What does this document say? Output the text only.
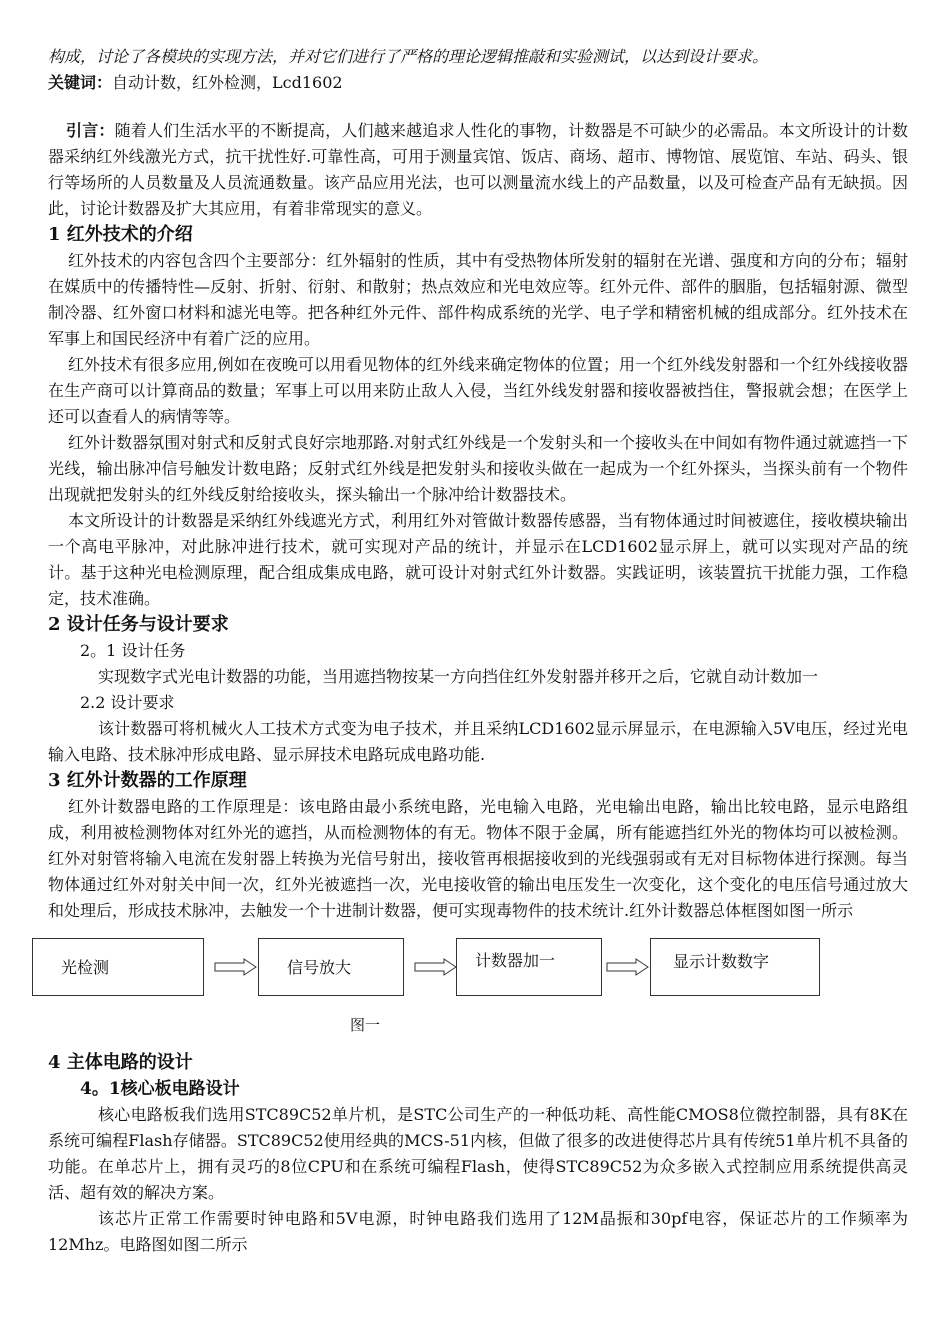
构成，讨论了各模块的实现方法，并对它们进行了严格的理论逻辑推敲和实验测试，以达到设计要求。

关键词：自动计数，红外检测，Lcd1602

引言：随着人们生活水平的不断提高，人们越来越追求人性化的事物，计数器是不可缺少的必需品。本文所设计的计数器采纳红外线激光方式，抗干扰性好.可靠性高，可用于测量宾馆、饭店、商场、超市、博物馆、展览馆、车站、码头、银行等场所的人员数量及人员流通数量。该产品应用光法，也可以测量流水线上的产品数量，以及可检查产品有无缺损。因此，讨论计数器及扩大其应用，有着非常现实的意义。

1 红外技术的介绍

红外技术的内容包含四个主要部分：红外辐射的性质，其中有受热物体所发射的辐射在光谱、强度和方向的分布；辐射在媒质中的传播特性—反射、折射、衍射、和散射；热点效应和光电效应等。红外元件、部件的胭脂，包括辐射源、微型制冷器、红外窗口材料和滤光电等。把各种红外元件、部件构成系统的光学、电子学和精密机械的组成部分。红外技术在军事上和国民经济中有着广泛的应用。

红外技术有很多应用,例如在夜晚可以用看见物体的红外线来确定物体的位置；用一个红外线发射器和一个红外线接收器在生产商可以计算商品的数量；军事上可以用来防止敌人入侵，当红外线发射器和接收器被挡住，警报就会想；在医学上还可以查看人的病情等等。

红外计数器氛围对射式和反射式良好宗地那路.对射式红外线是一个发射头和一个接收头在中间如有物件通过就遮挡一下光线，输出脉冲信号触发计数电路；反射式红外线是把发射头和接收头做在一起成为一个红外探头，当探头前有一个物件出现就把发射头的红外线反射给接收头，探头输出一个脉冲给计数器技术。

本文所设计的计数器是采纳红外线遮光方式，利用红外对管做计数器传感器，当有物体通过时间被遮住，接收模块输出一个高电平脉冲，对此脉冲进行技术，就可实现对产品的统计，并显示在LCD1602显示屏上，就可以实现对产品的统计。基于这种光电检测原理，配合组成集成电路，就可设计对射式红外计数器。实践证明，该装置抗干扰能力强，工作稳定，技术准确。

2 设计任务与设计要求
2。1 设计任务

实现数字式光电计数器的功能，当用遮挡物按某一方向挡住红外发射器并移开之后，它就自动计数加一

2.2 设计要求

该计数器可将机械火人工技术方式变为电子技术，并且采纳LCD1602显示屏显示，在电源输入5V电压，经过光电输入电路、技术脉冲形成电路、显示屏技术电路玩成电路功能.

3 红外计数器的工作原理

红外计数器电路的工作原理是：该电路由最小系统电路，光电输入电路，光电输出电路，输出比较电路，显示电路组成，利用被检测物体对红外光的遮挡，从而检测物体的有无。物体不限于金属，所有能遮挡红外光的物体均可以被检测。红外对射管将输入电流在发射器上转换为光信号射出，接收管再根据接收到的光线强弱或有无对目标物体进行探测。每当物体通过红外对射关中间一次，红外光被遮挡一次，光电接收管的输出电压发生一次变化，这个变化的电压信号通过放大和处理后，形成技术脉冲，去触发一个十进制计数器，便可实现毒物件的技术统计.红外计数器总体框图如图一所示

光检测	信号放大	计数器加一	显示计数数字
图一
4 主体电路的设计
4。1核心板电路设计

核心电路板我们选用STC89C52单片机，是STC公司生产的一种低功耗、高性能CMOS8位微控制器，具有8K在系统可编程Flash存储器。STC89C52使用经典的MCS-51内核，但做了很多的改进使得芯片具有传统51单片机不具备的功能。在单芯片上，拥有灵巧的8位CPU和在系统可编程Flash，使得STC89C52为众多嵌入式控制应用系统提供高灵活、超有效的解决方案。

该芯片正常工作需要时钟电路和5V电源，时钟电路我们选用了12M晶振和30pf电容，保证芯片的工作频率为12Mhz。电路图如图二所示
